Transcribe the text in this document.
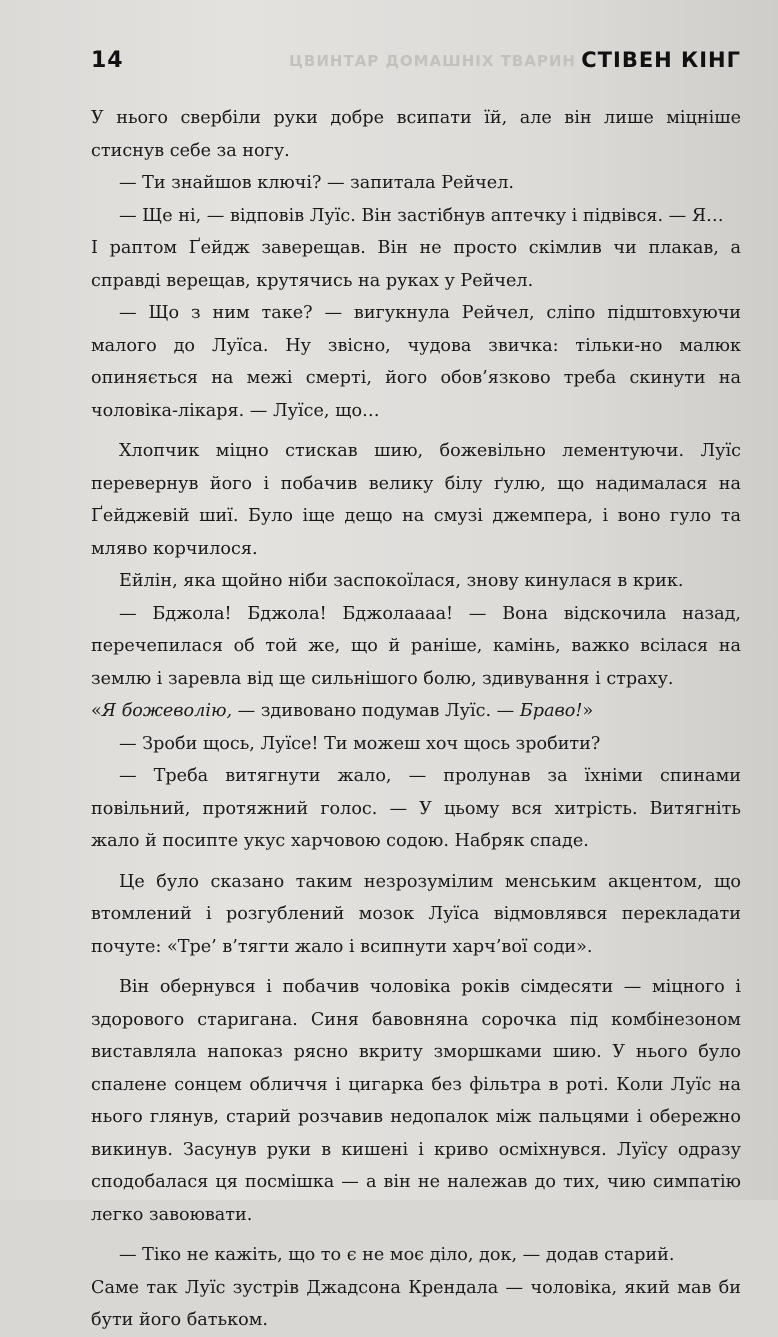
14	ЦВИНТАР ДОМАШНІХ ТВАРИН СТІВЕН КІНГ

У нього свербіли руки добре всипати їй, але він лише міцніше стиснув себе за ногу.

— Ти знайшов ключі? — запитала Рейчел.

— Ще ні, — відповів Луїс. Він застібнув аптечку і підвівся. — Я…

І раптом Ґейдж заверещав. Він не просто скімлив чи плакав, а справді верещав, крутячись на руках у Рейчел.

— Що з ним таке? — вигукнула Рейчел, сліпо підштовхуючи малого до Луїса. Ну звісно, чудова звичка: тільки-но малюк опиняється на межі смерті, його обов’язково треба скинути на чоловіка-лікаря. — Луїсе, що…

Хлопчик міцно стискав шию, божевільно лементуючи. Луїс перевернув його і побачив велику білу ґулю, що надималася на Ґейджевій шиї. Було іще дещо на смузі джемпера, і воно гуло та мляво корчилося.

Ейлін, яка щойно ніби заспокоїлася, знову кинулася в крик.

— Бджола! Бджола! Бджолаааа! — Вона відскочила назад, перечепилася об той же, що й раніше, камінь, важко всілася на землю і заревла від ще сильнішого болю, здивування і страху.

«Я божеволію, — здивовано подумав Луїс. — Браво!»

— Зроби щось, Луїсе! Ти можеш хоч щось зробити?

— Треба витягнути жало, — пролунав за їхніми спинами повільний, протяжний голос. — У цьому вся хитрість. Витягніть жало й посипте укус харчовою содою. Набряк спаде.

Це було сказано таким незрозумілим менським акцентом, що втомлений і розгублений мозок Луїса відмовлявся перекладати почуте: «Тре’ в’тягти жало і всипнути харч’вої соди».

Він обернувся і побачив чоловіка років сімдесяти — міцного і здорового старигана. Синя бавовняна сорочка під комбінезоном виставляла напоказ рясно вкриту зморшками шию. У нього було спалене сонцем обличчя і цигарка без фільтра в роті. Коли Луїс на нього глянув, старий розчавив недопалок між пальцями і обережно викинув. Засунув руки в кишені і криво осміхнувся. Луїсу одразу сподобалася ця посмішка — а він не належав до тих, чию симпатію легко завоювати.

— Тіко не кажіть, що то є не моє діло, док, — додав старий.

Саме так Луїс зустрів Джадсона Крендала — чоловіка, який мав би бути його батьком.
